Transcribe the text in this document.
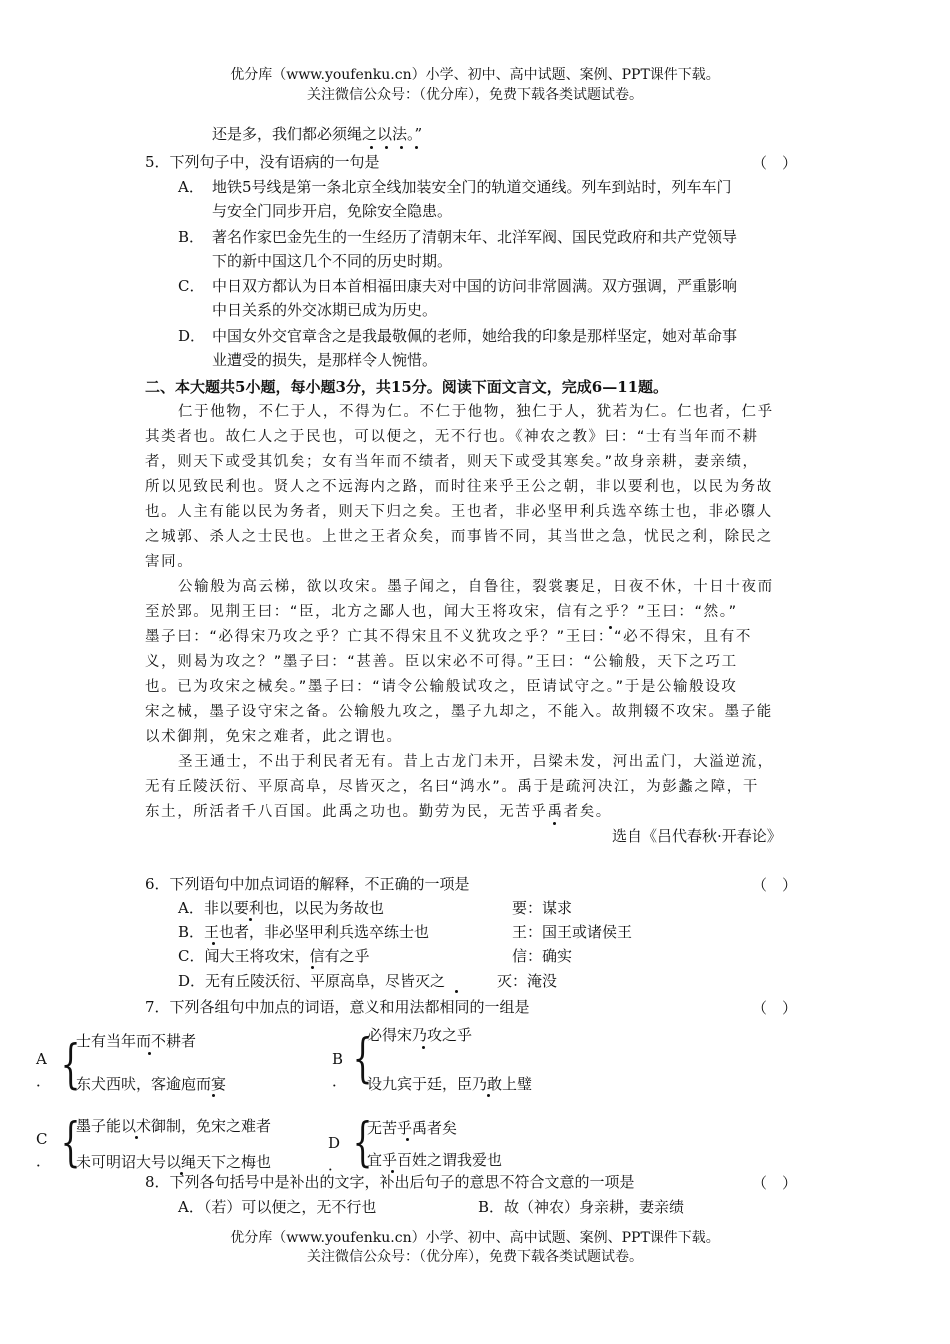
优分库（www.youfenku.cn）小学、初中、高中试题、案例、PPT课件下载。
关注微信公众号：（优分库），免费下载各类试题试卷。
还是多，我们都必须绳之以法。”
5．下列句子中，没有语病的一句是	（　）
A． 地铁5号线是第一条北京全线加装安全门的轨道交通线。列车到站时，列车车门
与安全门同步开启，免除安全隐患。
B． 著名作家巴金先生的一生经历了清朝末年、北洋军阀、国民党政府和共产党领导
下的新中国这几个不同的历史时期。
C． 中日双方都认为日本首相福田康夫对中国的访问非常圆满。双方强调，严重影响
中日关系的外交冰期已成为历史。
D． 中国女外交官章含之是我最敬佩的老师，她给我的印象是那样坚定，她对革命事
业遭受的损失，是那样令人惋惜。
二、本大题共5小题，每小题3分，共15分。阅读下面文言文，完成6—11题。
仁于他物，不仁于人，不得为仁。不仁于他物，独仁于人，犹若为仁。仁也者，仁乎
其类者也。故仁人之于民也，可以便之，无不行也。《神农之教》曰：“士有当年而不耕
者，则天下或受其饥矣；女有当年而不绩者，则天下或受其寒矣。”故身亲耕，妻亲绩，
所以见致民利也。贤人之不远海内之路，而时往来乎王公之朝，非以要利也，以民为务故
也。人主有能以民为务者，则天下归之矣。王也者，非必坚甲利兵选卒练士也，非必隳人
之城郭、杀人之士民也。上世之王者众矣，而事皆不同，其当世之急，忧民之利，除民之
害同。
公输般为高云梯，欲以攻宋。墨子闻之，自鲁往，裂裳裹足，日夜不休，十日十夜而
至於郢。见荆王曰：“臣，北方之鄙人也，闻大王将攻宋，信有之乎？”王曰：“然。”
墨子曰：“必得宋乃攻之乎？亡其不得宋且不义犹攻之乎？”王曰：“必不得宋，且有不
义，则曷为攻之？”墨子曰：“甚善。臣以宋必不可得。”王曰：“公输般，天下之巧工
也。已为攻宋之械矣。”墨子曰：“请令公输般试攻之，臣请试守之。”于是公输般设攻
宋之械，墨子设守宋之备。公输般九攻之，墨子九却之，不能入。故荆辍不攻宋。墨子能
以术御荆，免宋之难者，此之谓也。
圣王通士，不出于利民者无有。昔上古龙门未开，吕梁未发，河出孟门，大溢逆流，
无有丘陵沃衍、平原高阜，尽皆灭之，名曰“鸿水”。禹于是疏河决江，为彭蠡之障，干
东土，所活者千八百国。此禹之功也。勤劳为民，无苦乎禹者矣。
选自《吕代春秋·开春论》
6．下列语句中加点词语的解释，不正确的一项是	（　）
A．非以要利也，以民为务故也	要：谋求
B．王也者，非必坚甲利兵选卒练士也	王：国王或诸侯王
C．闻大王将攻宋，信有之乎	信：确实
D．无有丘陵沃衍、平原高阜，尽皆灭之	灭：淹没
7．下列各组句中加点的词语，意义和用法都相同的一组是	（　）
A
． {
士有当年而不耕者
东犬西吠，客逾庖而宴
B
． {
必得宋乃攻之乎
设九宾于廷，臣乃敢上璧
C
． {
墨子能以术御制，免宋之难者
未可明诏大号以绳天下之梅也
D
． {
无苦乎禹者矣
宜乎百姓之谓我爱也
8．下列各句括号中是补出的文字，补出后句子的意思不符合文意的一项是	（　）
A．（若）可以便之，无不行也	B．故（神农）身亲耕，妻亲绩
优分库（www.youfenku.cn）小学、初中、高中试题、案例、PPT课件下载。
关注微信公众号：（优分库），免费下载各类试题试卷。
